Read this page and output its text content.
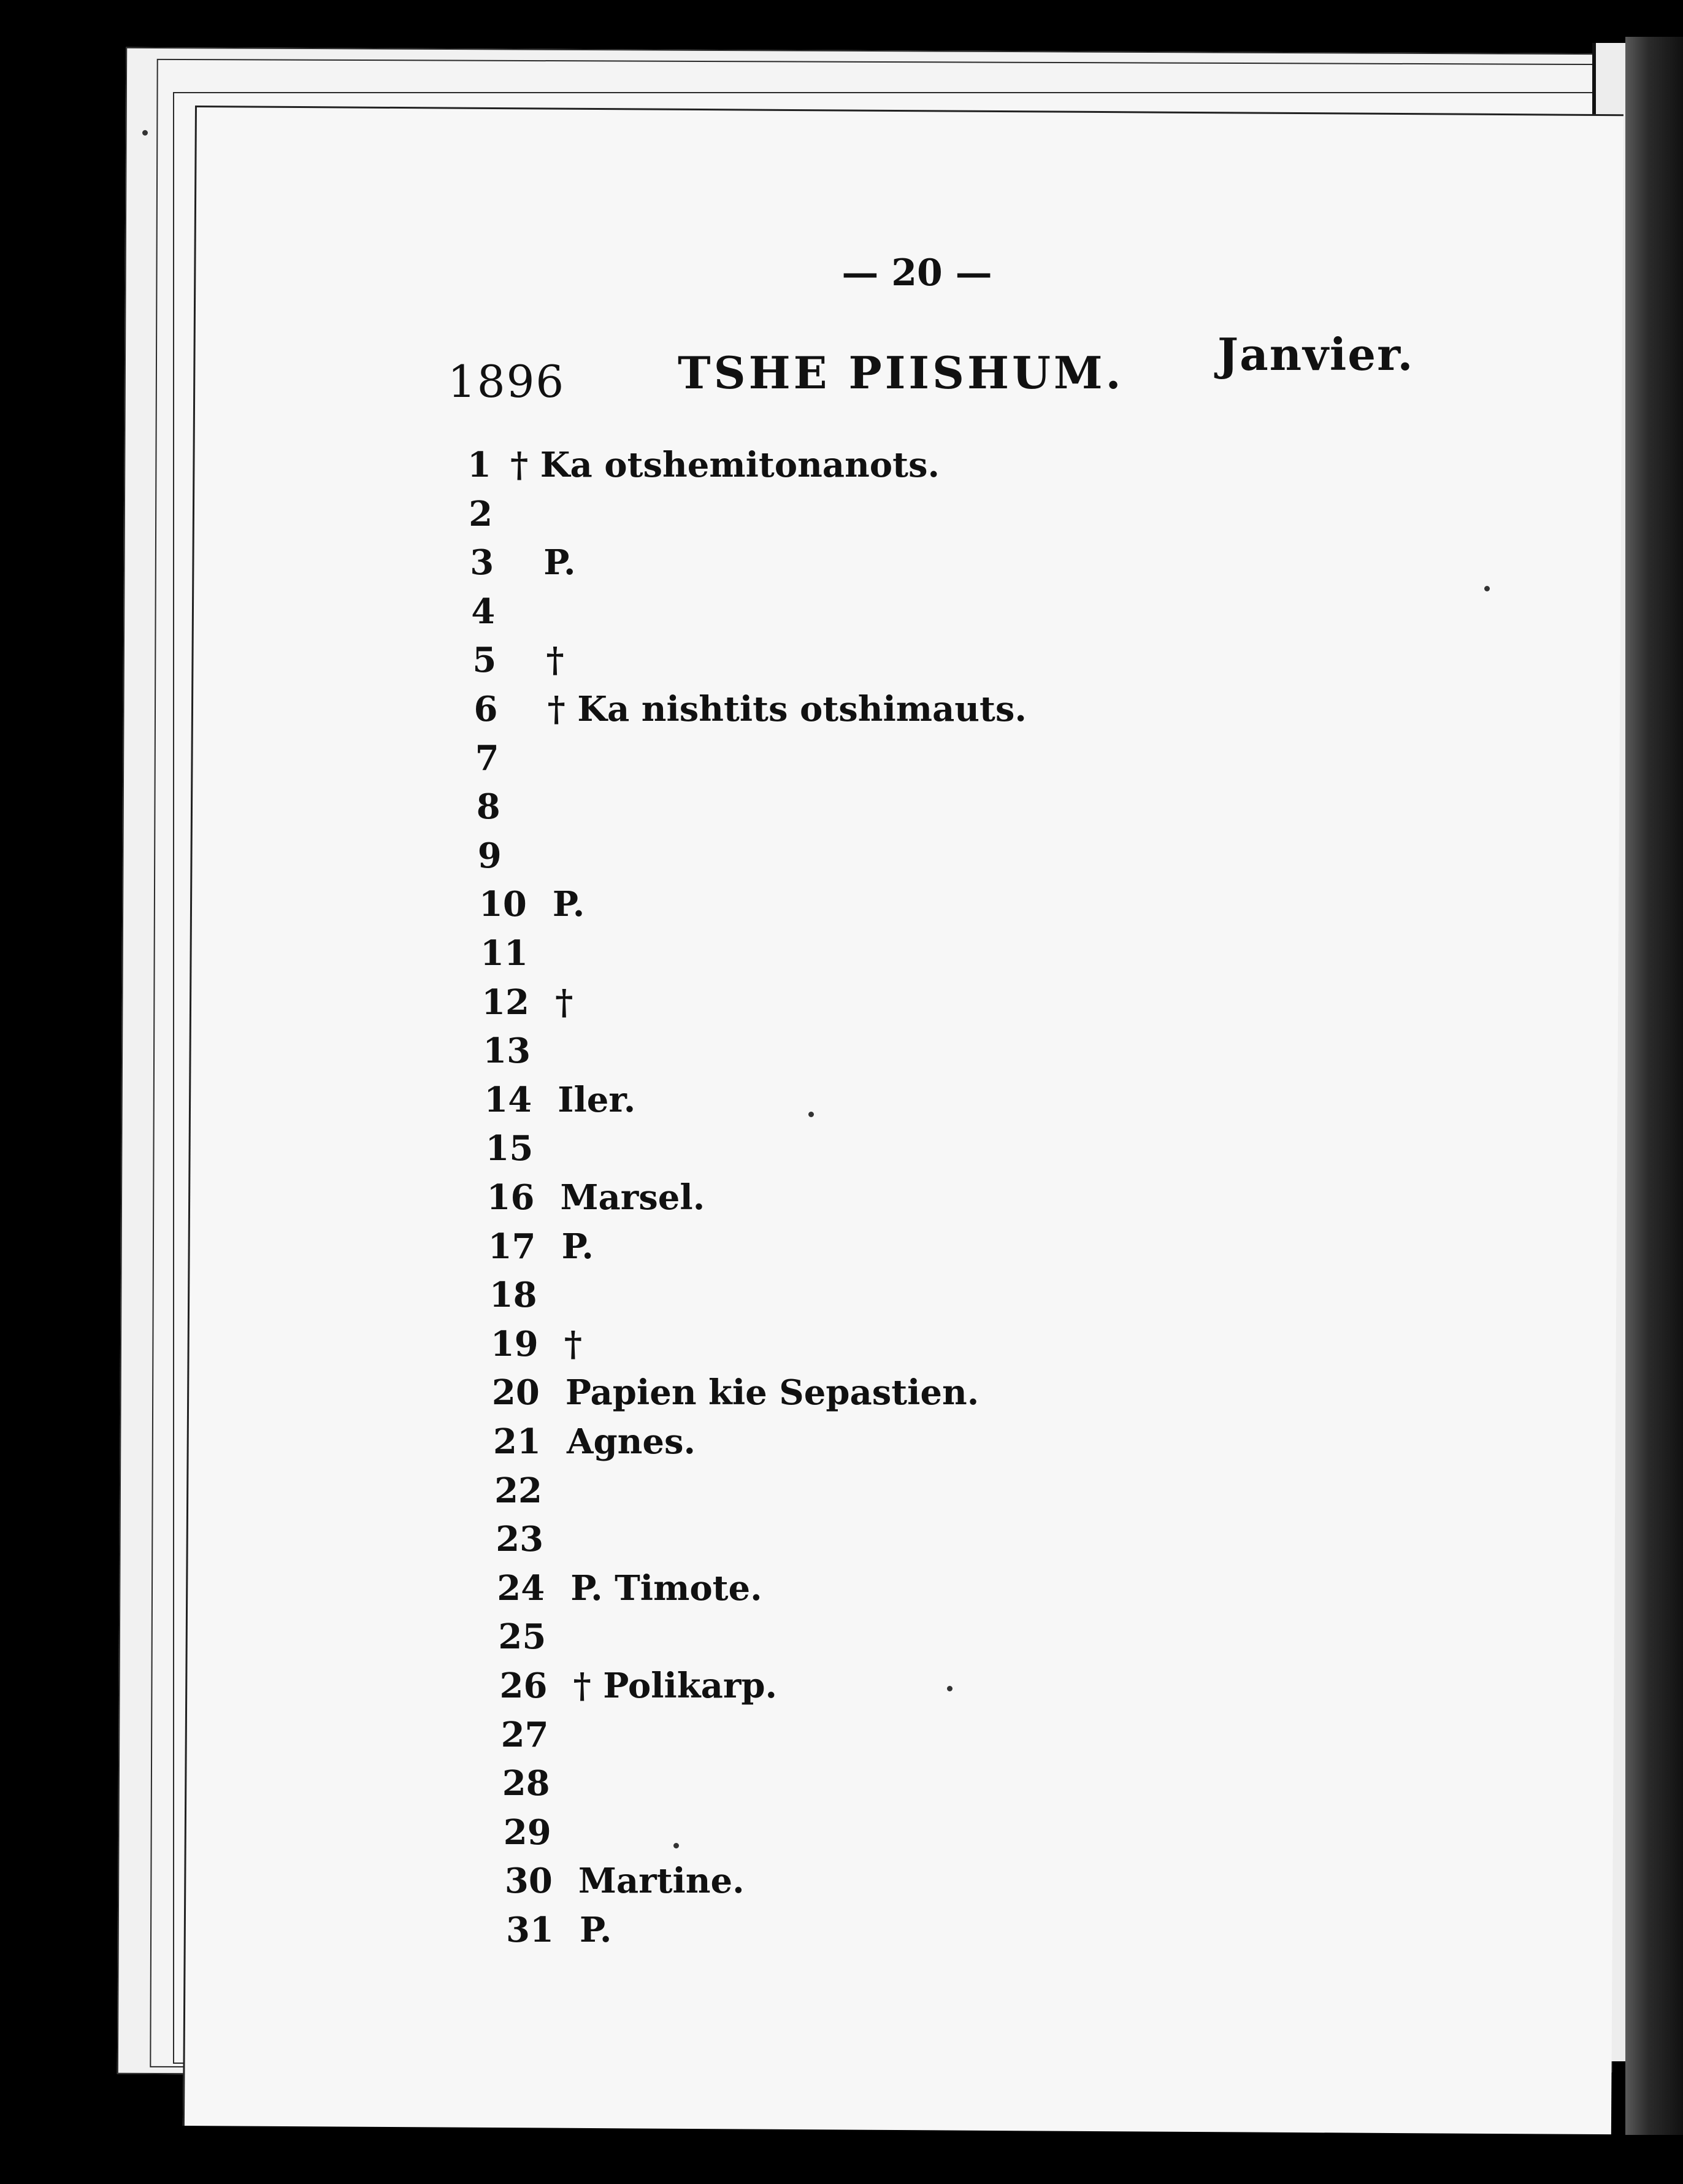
— 20 —
1896	TSHE PIISHUM. Janvier.
1 † Ka otshemitonanots.
2
3	P.
4
5	†
6	† Ka nishtits otshimauts.
7
8
9
10 P.
11
12 †
13
14 Iler.
15
16 Marsel.
17 P.
18
19 †
20 Papien kie Sepastien.
21 Agnes.
22
23
24 P. Timote.
25
26 † Polikarp.
27
28
29
30 Martine.
31 P.
